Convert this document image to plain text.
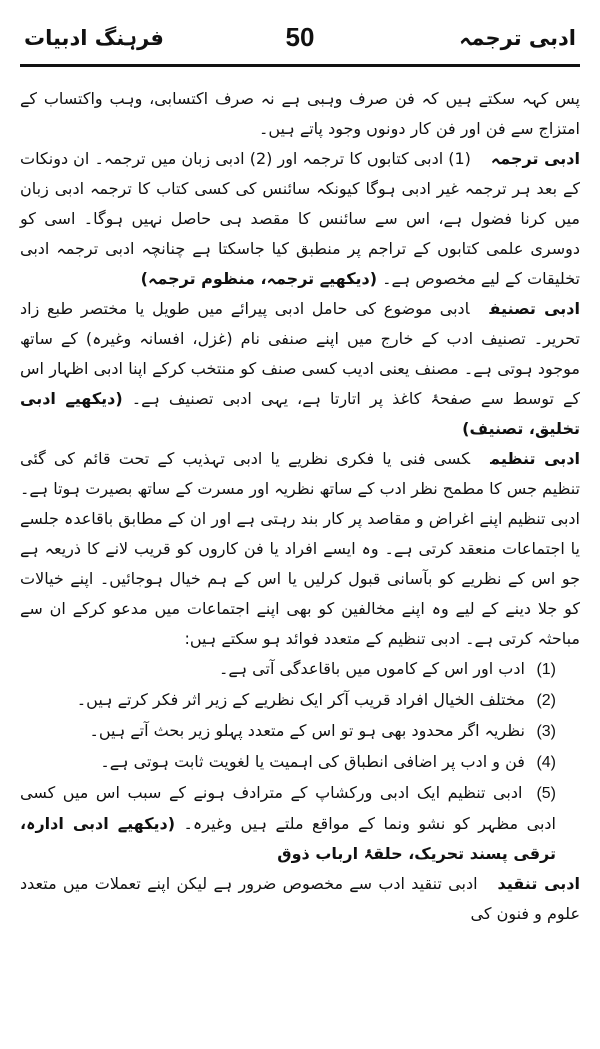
ادبی ترجمہ
50
فرہنگ ادبیات

پس کہہ سکتے ہیں کہ فن صرف وہبی ہے نہ صرف اکتسابی، وہب واکتساب کے امتزاج سے فن اور فن کار دونوں وجود پاتے ہیں۔

ادبی ترجمہ(1) ادبی کتابوں کا ترجمہ اور (2) ادبی زبان میں ترجمہ۔ ان دونکات کے بعد ہر ترجمہ غیر ادبی ہوگا کیونکہ سائنس کی کسی کتاب کا ترجمہ ادبی زبان میں کرنا فضول ہے، اس سے سائنس کا مقصد ہی حاصل نہیں ہوگا۔ اسی کو دوسری علمی کتابوں کے تراجم پر منطبق کیا جاسکتا ہے چنانچہ ادبی ترجمہ ادبی تخلیقات کے لیے مخصوص ہے۔ (دیکھیے ترجمہ، منظوم ترجمہ)

ادبی تصنیفادبی موضوع کی حامل ادبی پیرائے میں طویل یا مختصر طبع زاد تحریر۔ تصنیف ادب کے خارج میں اپنے صنفی نام (غزل، افسانہ وغیرہ) کے ساتھ موجود ہوتی ہے۔ مصنف یعنی ادیب کسی صنف کو منتخب کرکے اپنا ادبی اظہار اس کے توسط سے صفحۂ کاغذ پر اتارتا ہے، یہی ادبی تصنیف ہے۔ (دیکھیے ادبی تخلیق، تصنیف)

ادبی تنظیمکسی فنی یا فکری نظریے یا ادبی تہذیب کے تحت قائم کی گئی تنظیم جس کا مطمح نظر ادب کے ساتھ نظریہ اور مسرت کے ساتھ بصیرت ہوتا ہے۔ ادبی تنظیم اپنے اغراض و مقاصد پر کار بند رہتی ہے اور ان کے مطابق باقاعدہ جلسے یا اجتماعات منعقد کرتی ہے۔ وہ ایسے افراد یا فن کاروں کو قریب لانے کا ذریعہ ہے جو اس کے نظریے کو بآسانی قبول کرلیں یا اس کے ہم خیال ہوجائیں۔ اپنے خیالات کو جلا دینے کے لیے وہ اپنے مخالفین کو بھی اپنے اجتماعات میں مدعو کرکے ان سے مباحثہ کرتی ہے۔ ادبی تنظیم کے متعدد فوائد ہو سکتے ہیں:

(1) ادب اور اس کے کاموں میں باقاعدگی آتی ہے۔
(2) مختلف الخیال افراد قریب آکر ایک نظریے کے زیر اثر فکر کرتے ہیں۔
(3) نظریہ اگر محدود بھی ہو تو اس کے متعدد پہلو زیر بحث آتے ہیں۔
(4) فن و ادب پر اضافی انطباق کی اہمیت یا لغویت ثابت ہوتی ہے۔
(5) ادبی تنظیم ایک ادبی ورکشاپ کے مترادف ہونے کے سبب اس میں کسی ادبی مظہر کو نشو ونما کے مواقع ملتے ہیں وغیرہ۔ (دیکھیے ادبی ادارہ، ترقی پسند تحریک، حلقۂ ارباب ذوق

ادبی تنقیدادبی تنقید ادب سے مخصوص ضرور ہے لیکن اپنے تعملات میں متعدد علوم و فنون کی
